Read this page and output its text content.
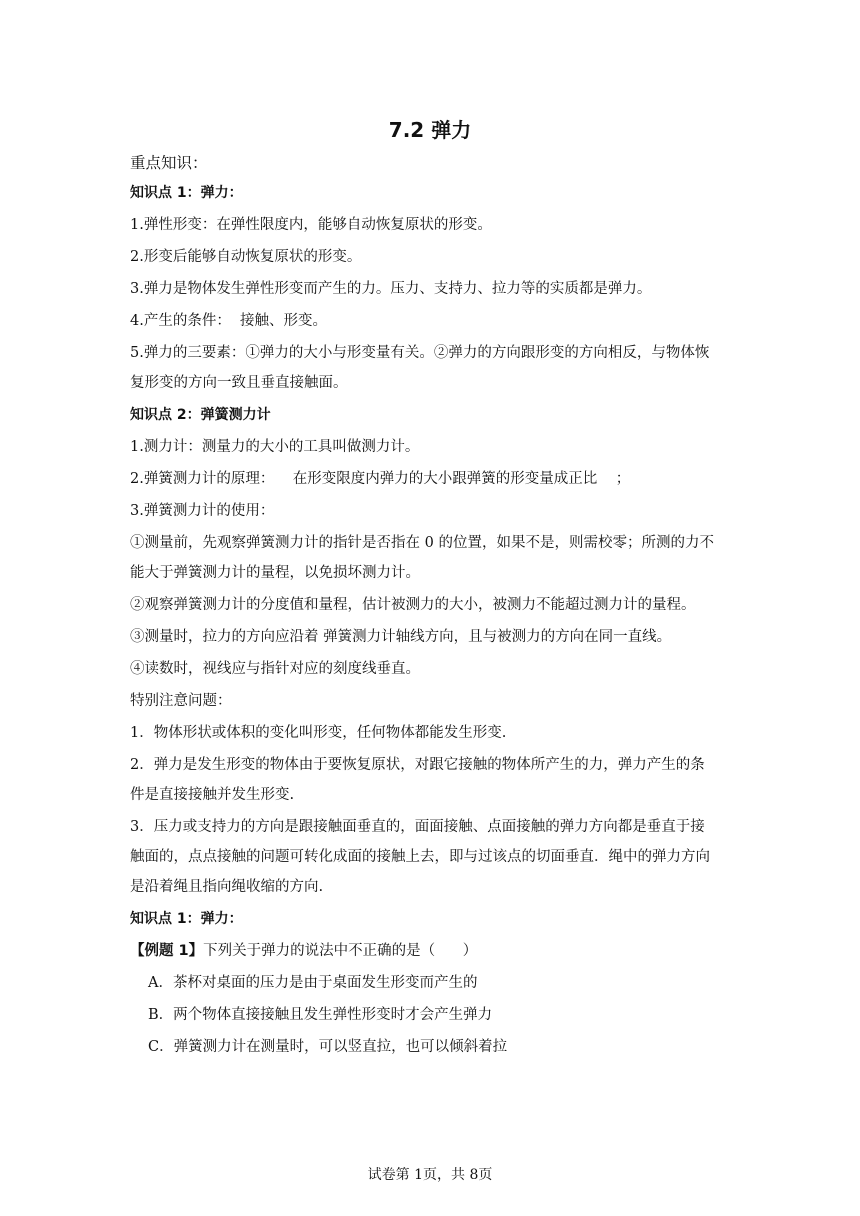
7.2 弹力
重点知识：
知识点 1：弹力：
1.弹性形变：在弹性限度内，能够自动恢复原状的形变。
2.形变后能够自动恢复原状的形变。
3.弹力是物体发生弹性形变而产生的力。压力、支持力、拉力等的实质都是弹力。
4.产生的条件：  接触、形变。
5.弹力的三要素：①弹力的大小与形变量有关。②弹力的方向跟形变的方向相反，与物体恢
复形变的方向一致且垂直接触面。
知识点 2：弹簧测力计
1.测力计：测量力的大小的工具叫做测力计。
2.弹簧测力计的原理：    在形变限度内弹力的大小跟弹簧的形变量成正比    ；
3.弹簧测力计的使用：
①测量前，先观察弹簧测力计的指针是否指在 0 的位置，如果不是，则需校零；所测的力不
能大于弹簧测力计的量程，以免损坏测力计。
②观察弹簧测力计的分度值和量程，估计被测力的大小，被测力不能超过测力计的量程。
③测量时，拉力的方向应沿着 弹簧测力计轴线方向，且与被测力的方向在同一直线。
④读数时，视线应与指针对应的刻度线垂直。
特别注意问题：
1．物体形状或体积的变化叫形变，任何物体都能发生形变.
2．弹力是发生形变的物体由于要恢复原状，对跟它接触的物体所产生的力，弹力产生的条
件是直接接触并发生形变.
3．压力或支持力的方向是跟接触面垂直的，面面接触、点面接触的弹力方向都是垂直于接
触面的，点点接触的问题可转化成面的接触上去，即与过该点的切面垂直．绳中的弹力方向
是沿着绳且指向绳收缩的方向.
知识点 1：弹力：
【例题 1】下列关于弹力的说法中不正确的是（      ）
A．茶杯对桌面的压力是由于桌面发生形变而产生的
B．两个物体直接接触且发生弹性形变时才会产生弹力
C．弹簧测力计在测量时，可以竖直拉，也可以倾斜着拉
试卷第 1页，共 8页
